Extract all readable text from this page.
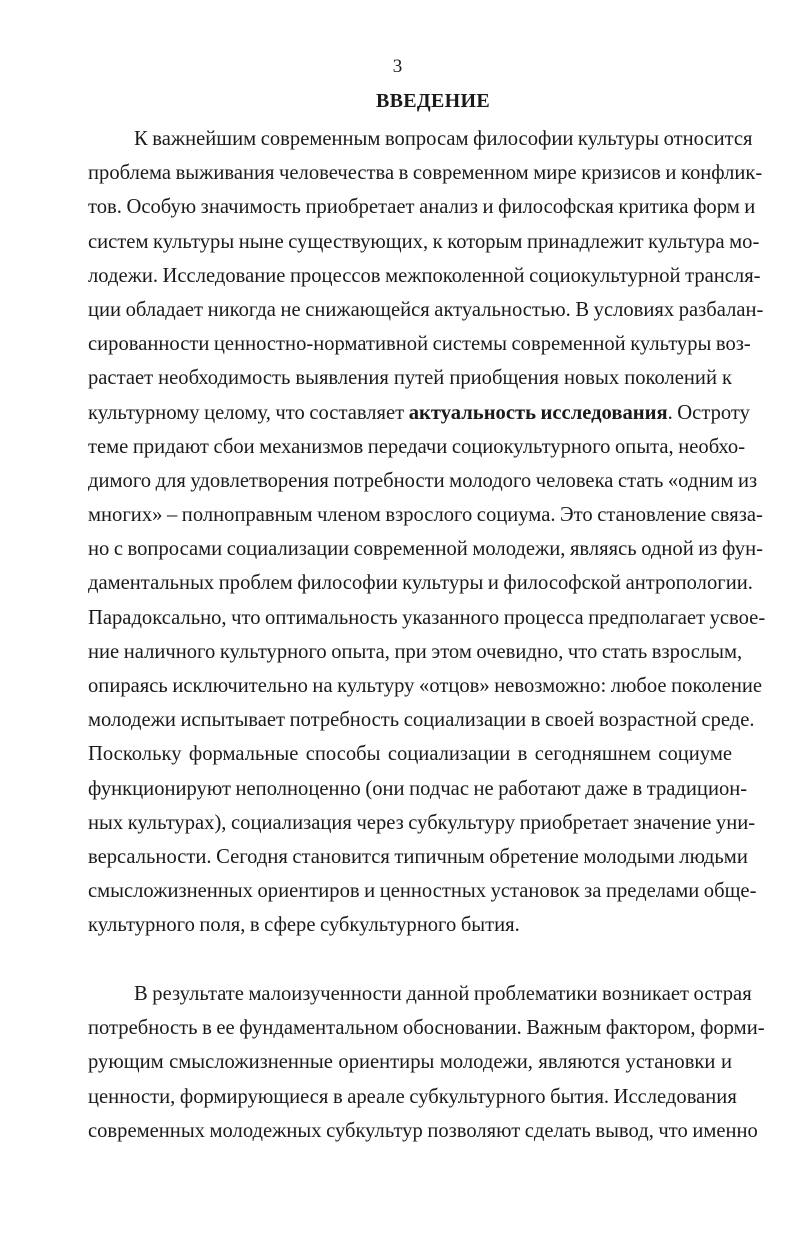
3
ВВЕДЕНИЕ
К важнейшим современным вопросам философии культуры относится
проблема выживания человечества в современном мире кризисов и конфлик-
тов. Особую значимость приобретает анализ и философская критика форм и
систем культуры ныне существующих, к которым принадлежит культура мо-
лодежи. Исследование процессов межпоколенной социокультурной трансля-
ции обладает никогда не снижающейся актуальностью. В условиях разбалан-
сированности ценностно-нормативной системы современной культуры воз-
растает необходимость выявления путей приобщения новых поколений к
культурному целому, что составляет актуальность исследования. Остроту
теме придают сбои механизмов передачи социокультурного опыта, необхо-
димого для удовлетворения потребности молодого человека стать «одним из
многих» – полноправным членом взрослого социума. Это становление связа-
но с вопросами социализации современной молодежи, являясь одной из фун-
даментальных проблем философии культуры и философской антропологии.
Парадоксально, что оптимальность указанного процесса предполагает усвое-
ние наличного культурного опыта, при этом очевидно, что стать взрослым,
опираясь исключительно на культуру «отцов» невозможно: любое поколение
молодежи испытывает потребность социализации в своей возрастной среде.
Поскольку формальные способы социализации в сегодняшнем социуме
функционируют неполноценно (они подчас не работают даже в традицион-
ных культурах), социализация через субкультуру приобретает значение уни-
версальности. Сегодня становится типичным обретение молодыми людьми
смысложизненных ориентиров и ценностных установок за пределами обще-
культурного поля, в сфере субкультурного бытия.
В результате малоизученности данной проблематики возникает острая
потребность в ее фундаментальном обосновании. Важным фактором, форми-
рующим смысложизненные ориентиры молодежи, являются установки и
ценности, формирующиеся в ареале субкультурного бытия. Исследования
современных молодежных субкультур позволяют сделать вывод, что именно
